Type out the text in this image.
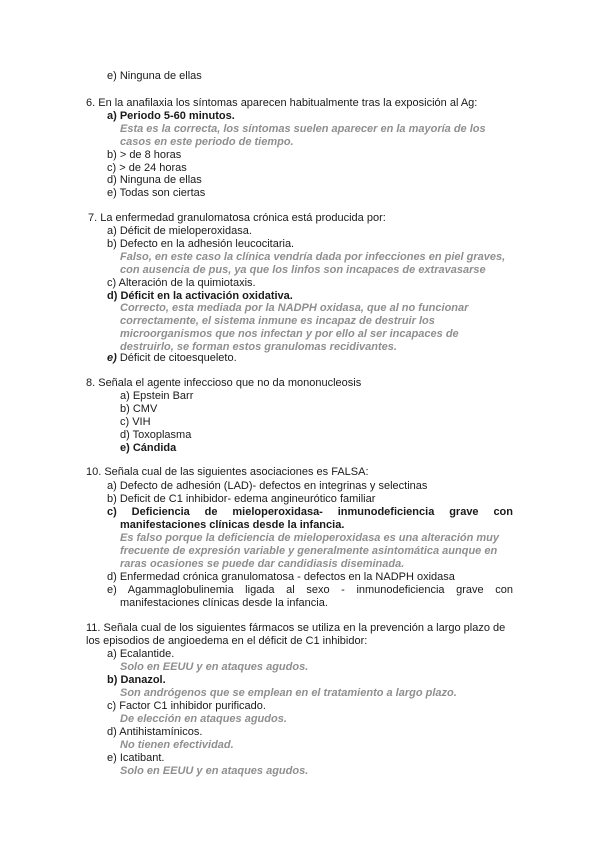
e) Ninguna de ellas
6. En la anafilaxia los síntomas aparecen habitualmente tras la exposición al Ag:
a) Periodo 5-60 minutos.
Esta es la correcta, los síntomas suelen aparecer en la mayoría de los
casos en este periodo de tiempo.
b) > de 8 horas
c) > de 24 horas
d) Ninguna de ellas
e) Todas son ciertas
7. La enfermedad granulomatosa crónica está producida por:
a) Déficit de mieloperoxidasa.
b) Defecto en la adhesión leucocitaria.
Falso, en este caso la clínica vendría dada por infecciones en piel graves,
con ausencia de pus, ya que los linfos son incapaces de extravasarse
c) Alteración de la quimiotaxis.
d) Déficit en la activación oxidativa.
Correcto, esta mediada por la NADPH oxidasa, que al no funcionar
correctamente, el sistema inmune es incapaz de destruir los
microorganismos que nos infectan y por ello al ser incapaces de
destruirlo, se forman estos granulomas recidivantes.
e) Déficit de citoesqueleto.
8. Señala el agente infeccioso que no da mononucleosis
a) Epstein Barr
b) CMV
c) VIH
d) Toxoplasma
e) Cándida
10. Señala cual de las siguientes asociaciones es FALSA:
a) Defecto de adhesión (LAD)- defectos en integrinas y selectinas
b) Deficit de C1 inhibidor- edema angineurótico familiar
c) Deficiencia de mieloperoxidasa- inmunodeficiencia grave con
manifestaciones clínicas desde la infancia.
Es falso porque la deficiencia de mieloperoxidasa es una alteración muy
frecuente de expresión variable y generalmente asintomática aunque en
raras ocasiones se puede dar candidiasis diseminada.
d) Enfermedad crónica granulomatosa - defectos en la NADPH oxidasa
e) Agammaglobulinemia ligada al sexo - inmunodeficiencia grave con
manifestaciones clínicas desde la infancia.
11. Señala cual de los siguientes fármacos se utiliza en la prevención a largo plazo de
los episodios de angioedema en el déficit de C1 inhibidor:
a) Ecalantide.
Solo en EEUU y en ataques agudos.
b) Danazol.
Son andrógenos que se emplean en el tratamiento a largo plazo.
c) Factor C1 inhibidor purificado.
De elección en ataques agudos.
d) Antihistamínicos.
No tienen efectividad.
e) Icatibant.
Solo en EEUU y en ataques agudos.
